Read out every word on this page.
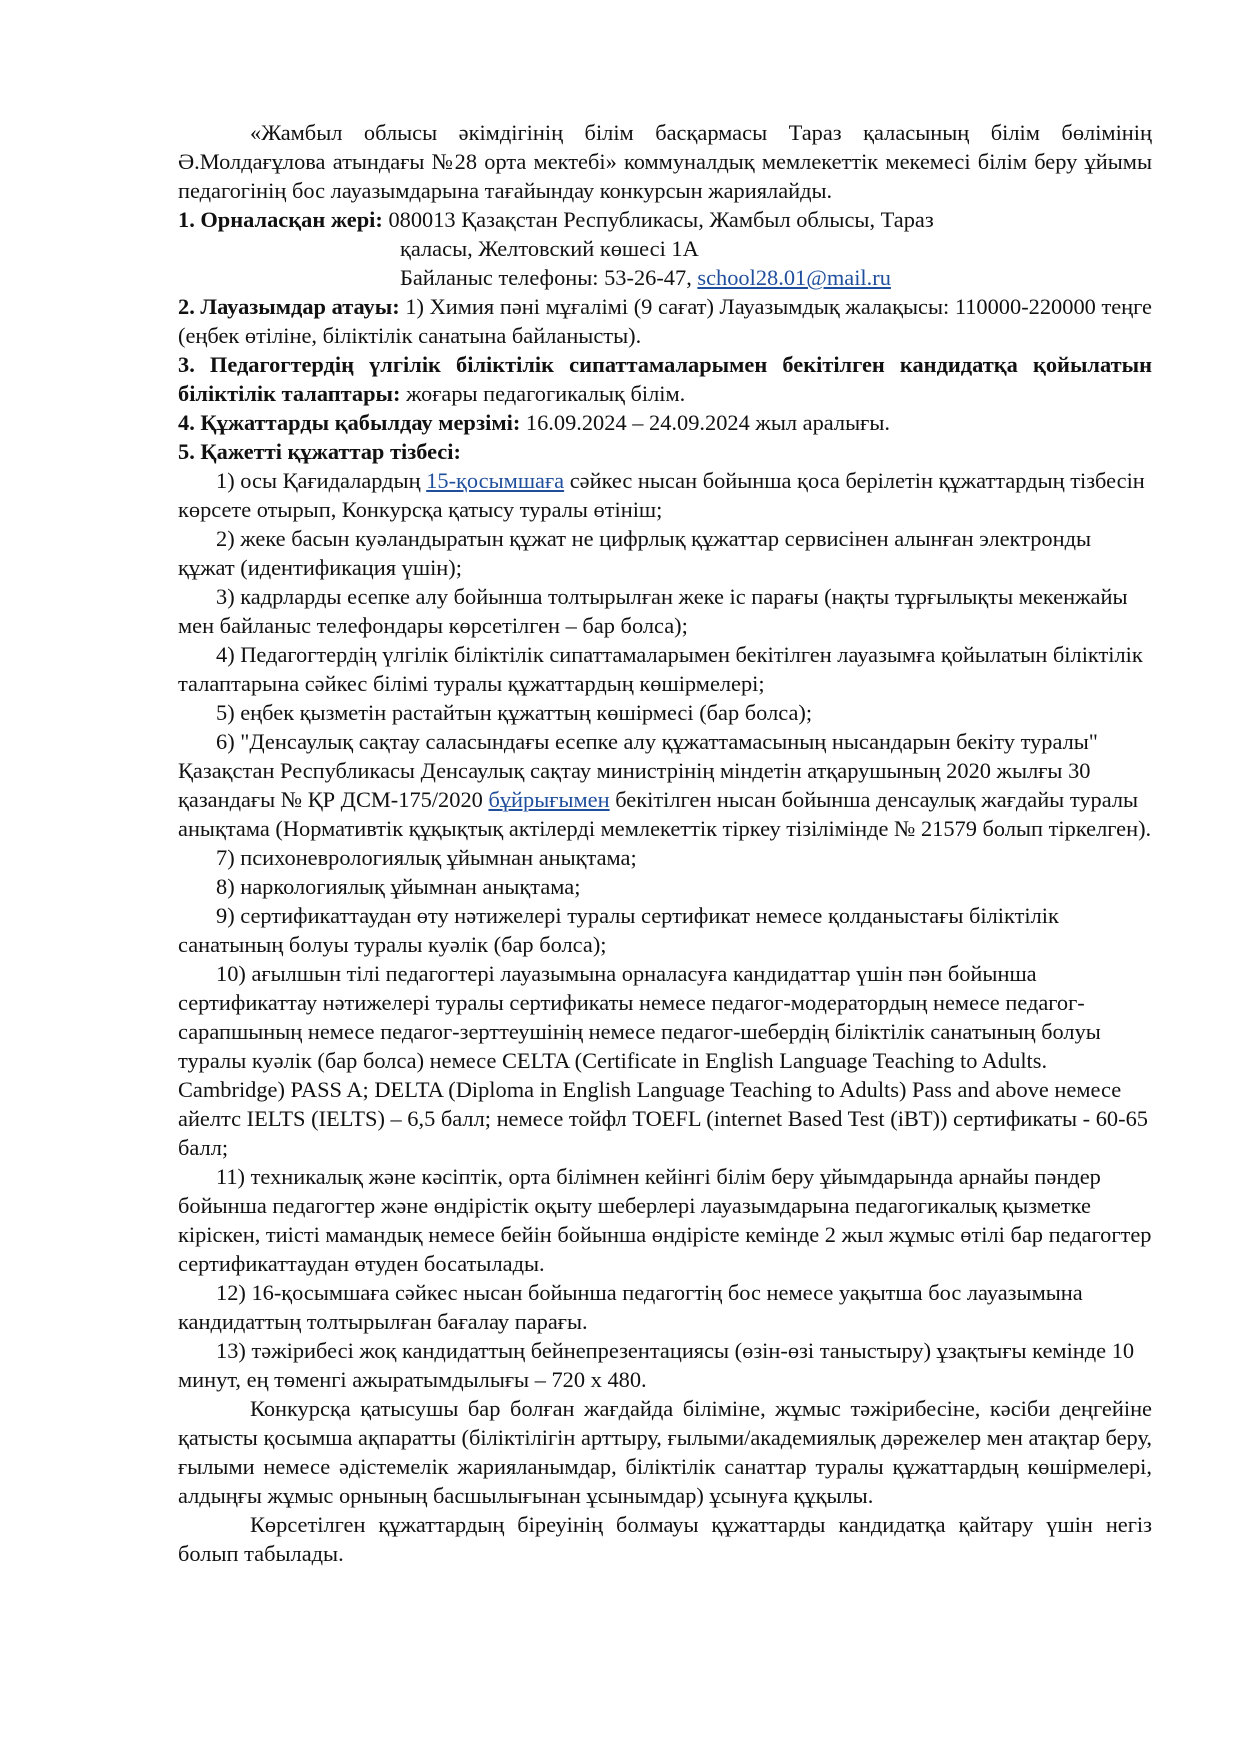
«Жамбыл облысы әкімдігінің білім басқармасы Тараз қаласының білім бөлімінің Ә.Молдағұлова атындағы №28 орта мектебі» коммуналдық мемлекеттік мекемесі білім беру ұйымы педагогінің бос лауазымдарына тағайындау конкурсын жариялайды.

1. Орналасқан жері: 080013 Қазақстан Республикасы, Жамбыл облысы, Тараз

қаласы, Желтовский көшесі 1А

Байланыс телефоны: 53-26-47, school28.01@mail.ru

2. Лауазымдар атауы: 1) Химия пәні мұғалімі (9 сағат) Лауазымдық жалақысы: 110000-220000 теңге (еңбек өтіліне, біліктілік санатына байланысты).

3. Педагогтердің үлгілік біліктілік сипаттамаларымен бекітілген кандидатқа қойылатын біліктілік талаптары: жоғары педагогикалық білім.

4. Құжаттарды қабылдау мерзімі: 16.09.2024 – 24.09.2024 жыл аралығы.

5. Қажетті құжаттар тізбесі:

1) осы Қағидалардың 15-қосымшаға сәйкес нысан бойынша қоса берілетін құжаттардың тізбесін көрсете отырып, Конкурсқа қатысу туралы өтініш;

2) жеке басын куәландыратын құжат не цифрлық құжаттар сервисінен алынған электронды құжат (идентификация үшін);

3) кадрларды есепке алу бойынша толтырылған жеке іс парағы (нақты тұрғылықты мекенжайы мен байланыс телефондары көрсетілген – бар болса);

4) Педагогтердің үлгілік біліктілік сипаттамаларымен бекітілген лауазымға қойылатын біліктілік талаптарына сәйкес білімі туралы құжаттардың көшірмелері;

5) еңбек қызметін растайтын құжаттың көшірмесі (бар болса);

6) "Денсаулық сақтау саласындағы есепке алу құжаттамасының нысандарын бекіту туралы" Қазақстан Республикасы Денсаулық сақтау министрінің міндетін атқарушының 2020 жылғы 30 қазандағы № ҚР ДСМ-175/2020 бұйрығымен бекітілген нысан бойынша денсаулық жағдайы туралы анықтама (Нормативтік құқықтық актілерді мемлекеттік тіркеу тізілімінде № 21579 болып тіркелген).

7) психоневрологиялық ұйымнан анықтама;

8) наркологиялық ұйымнан анықтама;

9) сертификаттаудан өту нәтижелері туралы сертификат немесе қолданыстағы біліктілік санатының болуы туралы куәлік (бар болса);

10) ағылшын тілі педагогтері лауазымына орналасуға кандидаттар үшін пән бойынша сертификаттау нәтижелері туралы сертификаты немесе педагог-модератордың немесе педагог-сарапшының немесе педагог-зерттеушінің немесе педагог-шебердің біліктілік санатының болуы туралы куәлік (бар болса) немесе CELTA (Certificate in English Language Teaching to Adults. Cambridge) PASS A; DELTA (Diploma in English Language Teaching to Adults) Pass and above немесе айелтс IELTS (IELTS) – 6,5 балл; немесе тойфл TOEFL (internet Based Test (iBT)) сертификаты - 60-65 балл;

11) техникалық және кәсіптік, орта білімнен кейінгі білім беру ұйымдарында арнайы пәндер бойынша педагогтер және өндірістік оқыту шеберлері лауазымдарына педагогикалық қызметке кіріскен, тиісті мамандық немесе бейін бойынша өндірісте кемінде 2 жыл жұмыс өтілі бар педагогтер сертификаттаудан өтуден босатылады.

12) 16-қосымшаға сәйкес нысан бойынша педагогтің бос немесе уақытша бос лауазымына кандидаттың толтырылған бағалау парағы.

13) тәжірибесі жоқ кандидаттың бейнепрезентациясы (өзін-өзі таныстыру) ұзақтығы кемінде 10 минут, ең төменгі ажыратымдылығы – 720 x 480.

Конкурсқа қатысушы бар болған жағдайда біліміне, жұмыс тәжірибесіне, кәсіби деңгейіне қатысты қосымша ақпаратты (біліктілігін арттыру, ғылыми/академиялық дәрежелер мен атақтар беру, ғылыми немесе әдістемелік жарияланымдар, біліктілік санаттар туралы құжаттардың көшірмелері, алдыңғы жұмыс орнының басшылығынан ұсынымдар) ұсынуға құқылы.

Көрсетілген құжаттардың біреуінің болмауы құжаттарды кандидатқа қайтару үшін негіз болып табылады.
